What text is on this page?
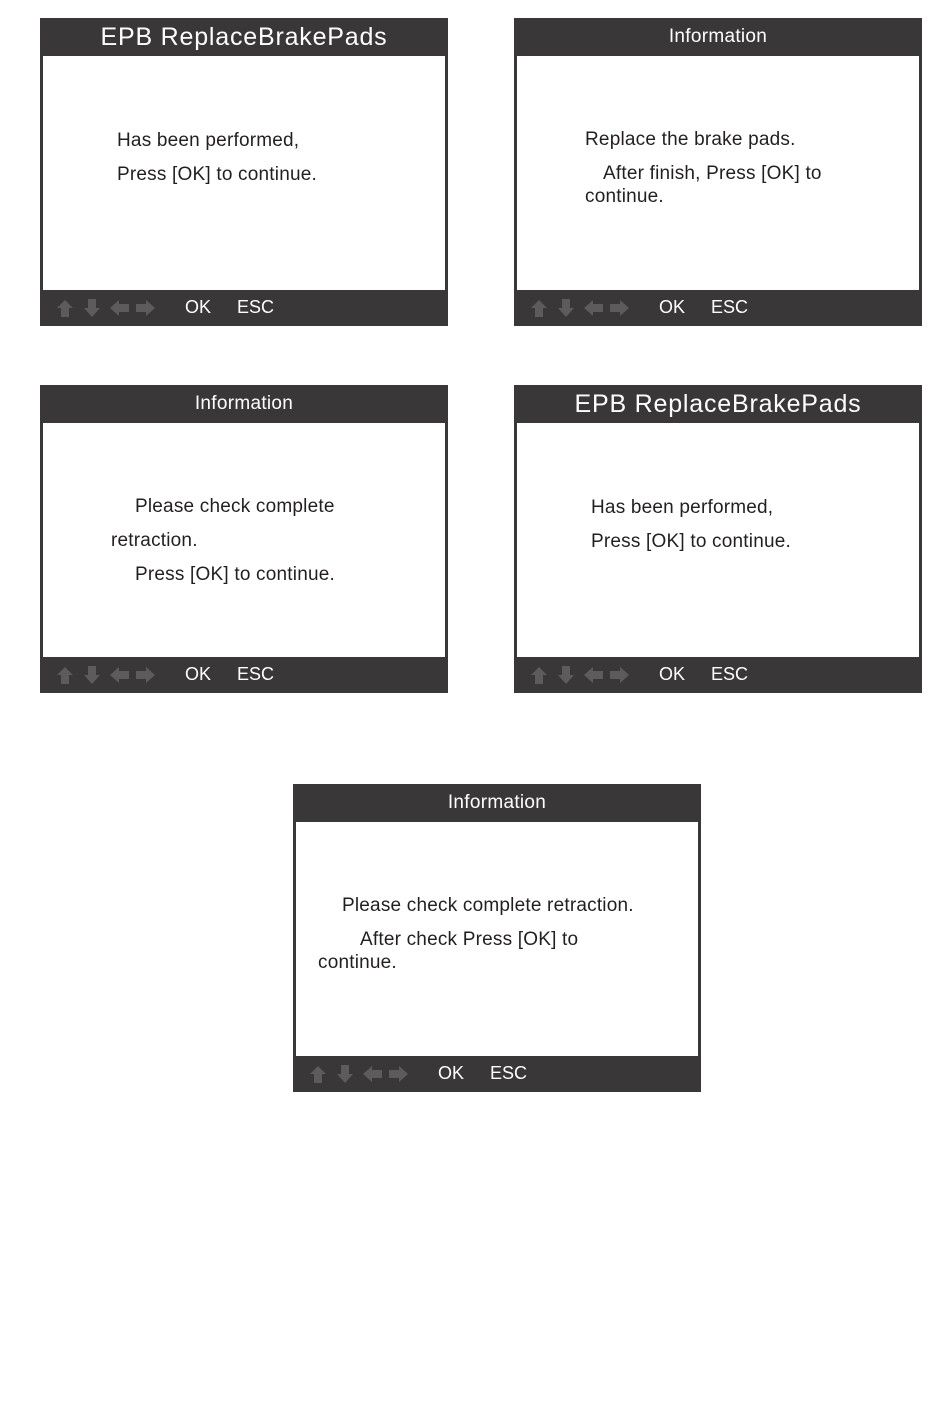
EPB ReplaceBrakePads
Has been performed,
Press [OK] to continue.
OK ESC
Information
Replace the brake pads.
After finish, Press [OK] to
continue.
OK ESC
Information
Please check complete
retraction.
Press [OK] to continue.
OK ESC
EPB ReplaceBrakePads
Has been performed,
Press [OK] to continue.
OK ESC
Information
Please check complete retraction.
After check Press [OK] to
continue.
OK ESC
